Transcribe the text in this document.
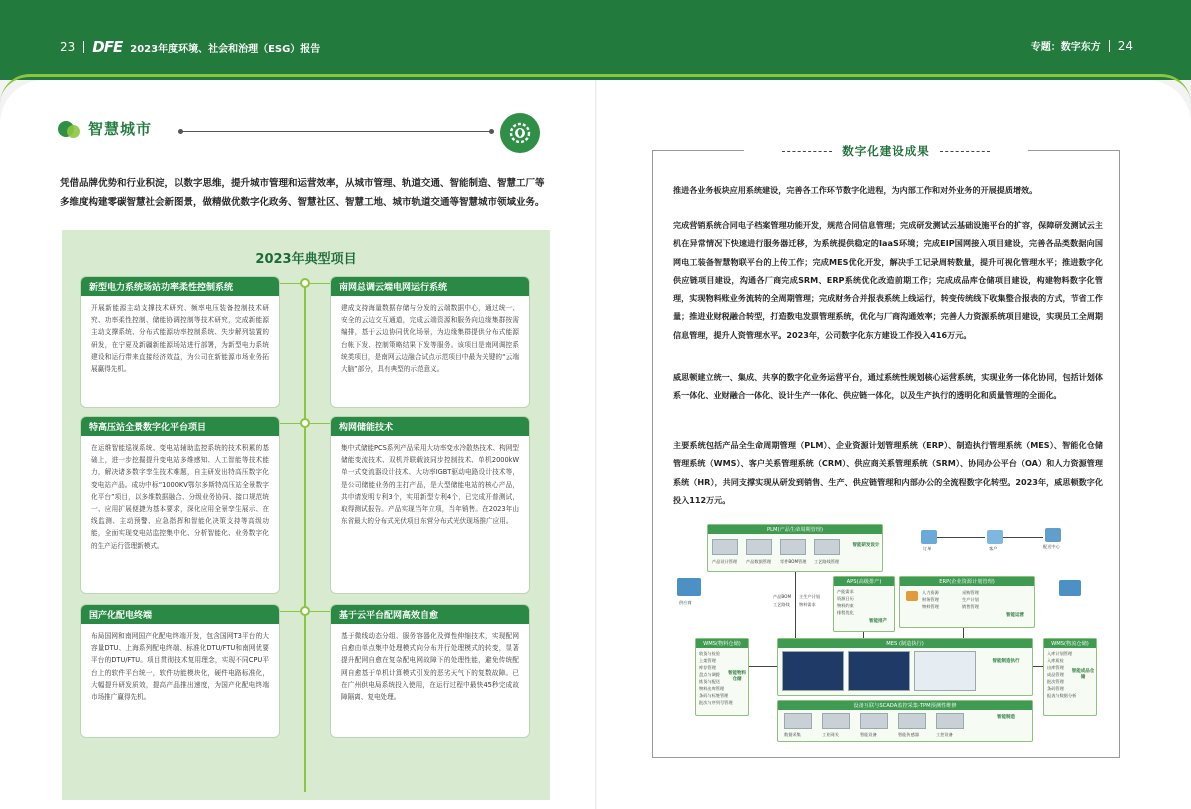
23 DFE 2023年度环境、社会和治理（ESG）报告	专题：数字东方 24
智慧城市

凭借品牌优势和行业积淀，以数字思维，提升城市管理和运营效率，从城市管理、轨道交通、智能制造、智慧工厂等多维度构建零碳智慧社会新图景，做精做优数字化政务、智慧社区、智慧工地、城市轨道交通等智慧城市领域业务。

2023年典型项目
新型电力系统场站功率柔性控制系统
开展新能源主动支撑技术研究、频率电压装备控制技术研究、功率柔性控制、储能协调控制等技术研究，完成新能源主动支撑系统、分布式能源功率控制系统、失步解列装置的研发，在宁夏及新疆新能源场站进行部署，为新型电力系统建设和运行带来直接经济效益，为公司在新能源市场业务拓展赢得先机。
南网总调云端电网运行系统
建成支持海量数据存储与分发的云端数据中心，通过统一、安全的云边交互通道，完成云端资源和服务向边缘集群按需编排，基于云边协同优化场景，为边缘集群提供分布式能源台帐下发、控制策略结果下发等服务。该项目是南网调控系统类项目，是南网云边融合试点示范项目中最为关键的“云端大脑”部分，具有典型的示范意义。
特高压站全景数字化平台项目
在运维智能巡视系统、变电站辅助监控系统的技术积累的基础上，进一步挖掘提升变电站多维感知、人工智能等技术能力，解决诸多数字孪生技术难题，自主研发出特高压数字化变电站产品。成功中标“1000KV鄂尔多斯特高压站全景数字化平台”项目，以多维数据融合、分级业务协同、接口规范统一、应用扩展便捷为基本要求，深化应用全景孪生展示、在线监测、主动预警、应急指挥和智能化决策支持等高级功能，全面实现变电站监控集中化、分析智能化、业务数字化的生产运行管理新模式。
构网储能技术
集中式储能PCS系列产品采用大功率变水冷散热技术、构网型储能变流技术、双机并联载波同步控制技术、单机2000kW单一式变流器设计技术、大功率IGBT驱动电路设计技术等，是公司储能业务的主打产品，是大型储能电站的核心产品，共申请发明专利3个，实用新型专利4个，已完成开普测试，取得测试报告。产品实现当年立项，当年销售。在2023年山东省最大的分布式光伏项目东营分布式光伏现场推广应用。
国产化配电终端
布局国网和南网国产化配电终端开发，包含国网T3平台的大容量DTU、上海系列配电终端、标准化DTU/FTU和南网优要平台的DTU/FTU。项目贯彻技术复用理念，实现不同CPU平台上的软件平台统一，软件功能模块化，硬件电路标准化，大幅提升研发质效，提高产品推出速度，为国产化配电终端市场推广赢得先机。
基于云平台配网高效自愈
基于微线动态分组、服务容器化及弹性伸缩技术，实现配网自愈由单点集中处理模式向分布并行处理模式的转变，显著提升配网自愈在复杂配电网故障下的处理性能，避免传统配网自愈基于单机计算模式引发的恶劣天气下的复数故障。已在广州供电局系统投入使用，在运行过程中最快45秒完成故障隔离、复电处理。
数字化建设成果

推进各业务板块应用系统建设，完善各工作环节数字化进程，为内部工作和对外业务的开展提质增效。

完成营销系统合同电子档案管理功能开发，规范合同信息管理；完成研发测试云基础设施平台的扩容，保障研发测试云主机在异常情况下快速进行服务器迁移，为系统提供稳定的IaaS环境；完成EIP国网接入项目建设，完善各品类数据向国网电工装备智慧物联平台的上传工作；完成MES优化开发，解决手工记录周转数量，提升可视化管理水平；推进数字化供应链项目建设，沟通各厂商完成SRM、ERP系统优化改造前期工作；完成成品库仓储项目建设，构建物料数字化管理，实现物料账业务流转的全周期管理；完成财务合并报表系统上线运行，转变传统线下收集整合报表的方式，节省工作量；推进业财税融合转型，打造数电发票管理系统，优化与厂商沟通效率；完善人力资源系统项目建设，实现员工全周期信息管理，提升人资管理水平。2023年，公司数字化东方建设工作投入416万元。

威思顿建立统一、集成、共享的数字化业务运营平台，通过系统性规划核心运营系统，实现业务一体化协同，包括计划体系一体化、业财融合一体化、设计生产一体化、供应链一体化，以及生产执行的透明化和质量管理的全面化。

主要系统包括产品全生命周期管理（PLM）、企业资源计划管理系统（ERP）、制造执行管理系统（MES）、智能化仓储管理系统（WMS）、客户关系管理系统（CRM）、供应商关系管理系统（SRM）、协同办公平台（OA）和人力资源管理系统（HR），共同支撑实现从研发到销售、生产、供应链管理和内部办公的全流程数字化转型。2023年，威思顿数字化投入112万元。

PLM(产品生命周期管理)
产品设计管理 产品数据管理 零件BOM管理 工艺路线管理
智能研发设计
订单	客户	配送中心
供应商
APS(高级排产)
产能需求
资源日历
物料约束
排程优化
智能排产
产品BOM
工艺路线
主生产计划
物料需求
ERP(企业资源计划管理)
人力资源
财务管理
物料管理
采购管理
生产计划
销售管理
智能运营
WMS(物料仓储)
收货与检验
上架管理
库存管理
盘点与调拨
拣货与配送
物料出库管理
条码与标签管理
批次与序列号管理
智能物料仓储
MES (制造执行)
智能制造执行
WMS(物流仓储)
入库计划管理
入库质检
出库管理
成品管理
批次管理
条码管理
报表与数据分析
智能成品仓储
设备互联与SCADA监控采集-TPM预测性维修
数据采集	工业网关	智能设备	智能传感器	工控设备
智能制造
